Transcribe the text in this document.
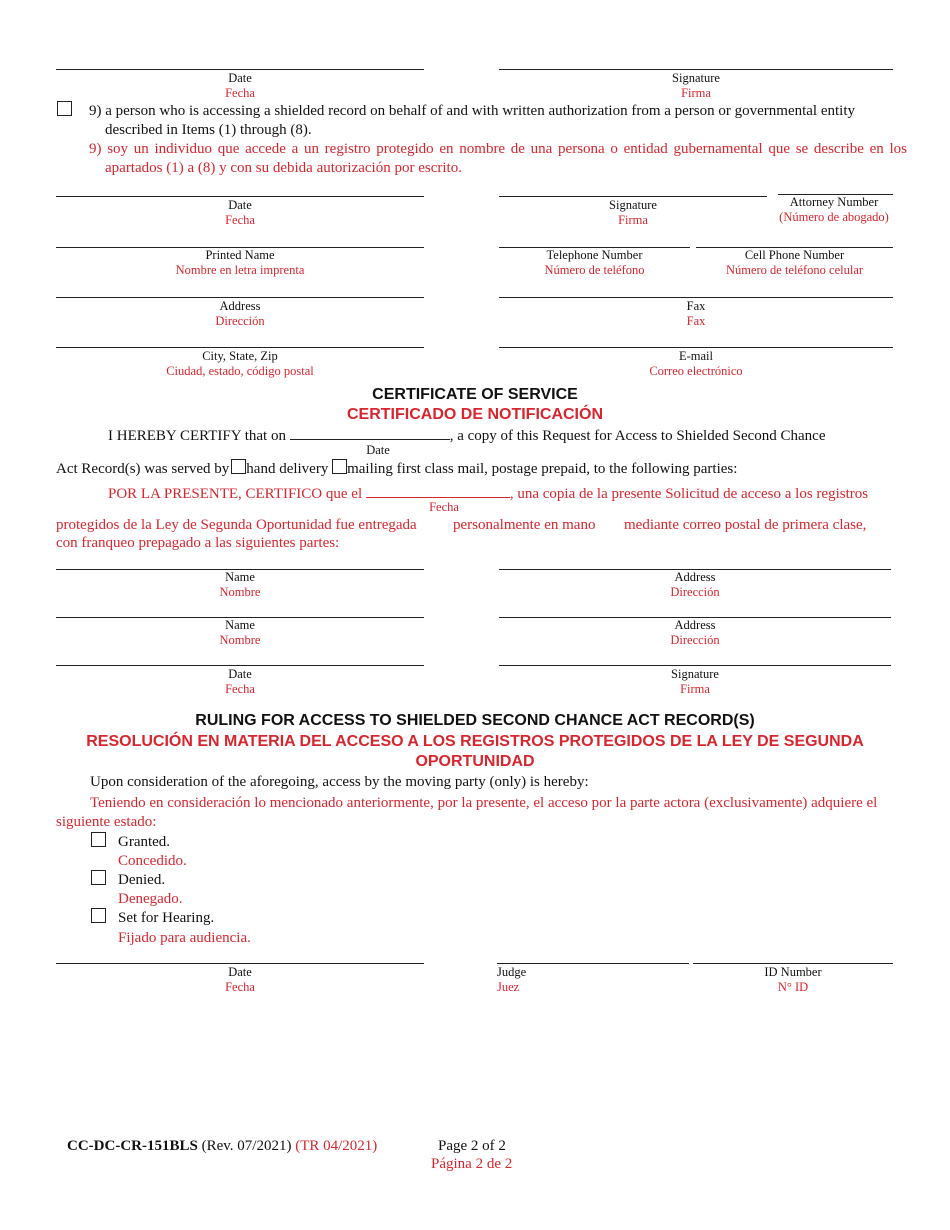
Date
Fecha
Signature
Firma
9) a person who is accessing a shielded record on behalf of and with written authorization from a person or governmental entity described in Items (1) through (8).
9) soy un individuo que accede a un registro protegido en nombre de una persona o entidad gubernamental que se describe en los apartados (1) a (8) y con su debida autorización por escrito.
Date
Fecha
Signature
Firma
Attorney Number
(Número de abogado)
Printed Name
Nombre en letra imprenta
Telephone Number
Número de teléfono
Cell Phone Number
Número de teléfono celular
Address
Dirección
Fax
Fax
City, State, Zip
Ciudad, estado, código postal
E-mail
Correo electrónico
CERTIFICATE OF SERVICE
CERTIFICADO DE NOTIFICACIÓN
I HEREBY CERTIFY that on	, a copy of this Request for Access to Shielded Second Chance
Date
Act Record(s) was served by hand delivery mailing first class mail, postage prepaid, to the following parties:
POR LA PRESENTE, CERTIFICO que el	, una copia de la presente Solicitud de acceso a los registros
Fecha
protegidos de la Ley de Segunda Oportunidad fue entregada personalmente en mano mediante correo postal de primera clase,
con franqueo prepagado a las siguientes partes:
Name
Nombre
Address
Dirección
Name
Nombre
Address
Dirección
Date
Fecha
Signature
Firma
RULING FOR ACCESS TO SHIELDED SECOND CHANCE ACT RECORD(S)
RESOLUCIÓN EN MATERIA DEL ACCESO A LOS REGISTROS PROTEGIDOS DE LA LEY DE SEGUNDA
OPORTUNIDAD
Upon consideration of the aforegoing, access by the moving party (only) is hereby:
Teniendo en consideración lo mencionado anteriormente, por la presente, el acceso por la parte actora (exclusivamente) adquiere el siguiente estado:
Granted.
Concedido.
Denied.
Denegado.
Set for Hearing.
Fijado para audiencia.
Date
Fecha
Judge
Juez
ID Number
N° ID
CC-DC-CR-151BLS (Rev. 07/2021) (TR 04/2021)	Page 2 of 2
Página 2 de 2
